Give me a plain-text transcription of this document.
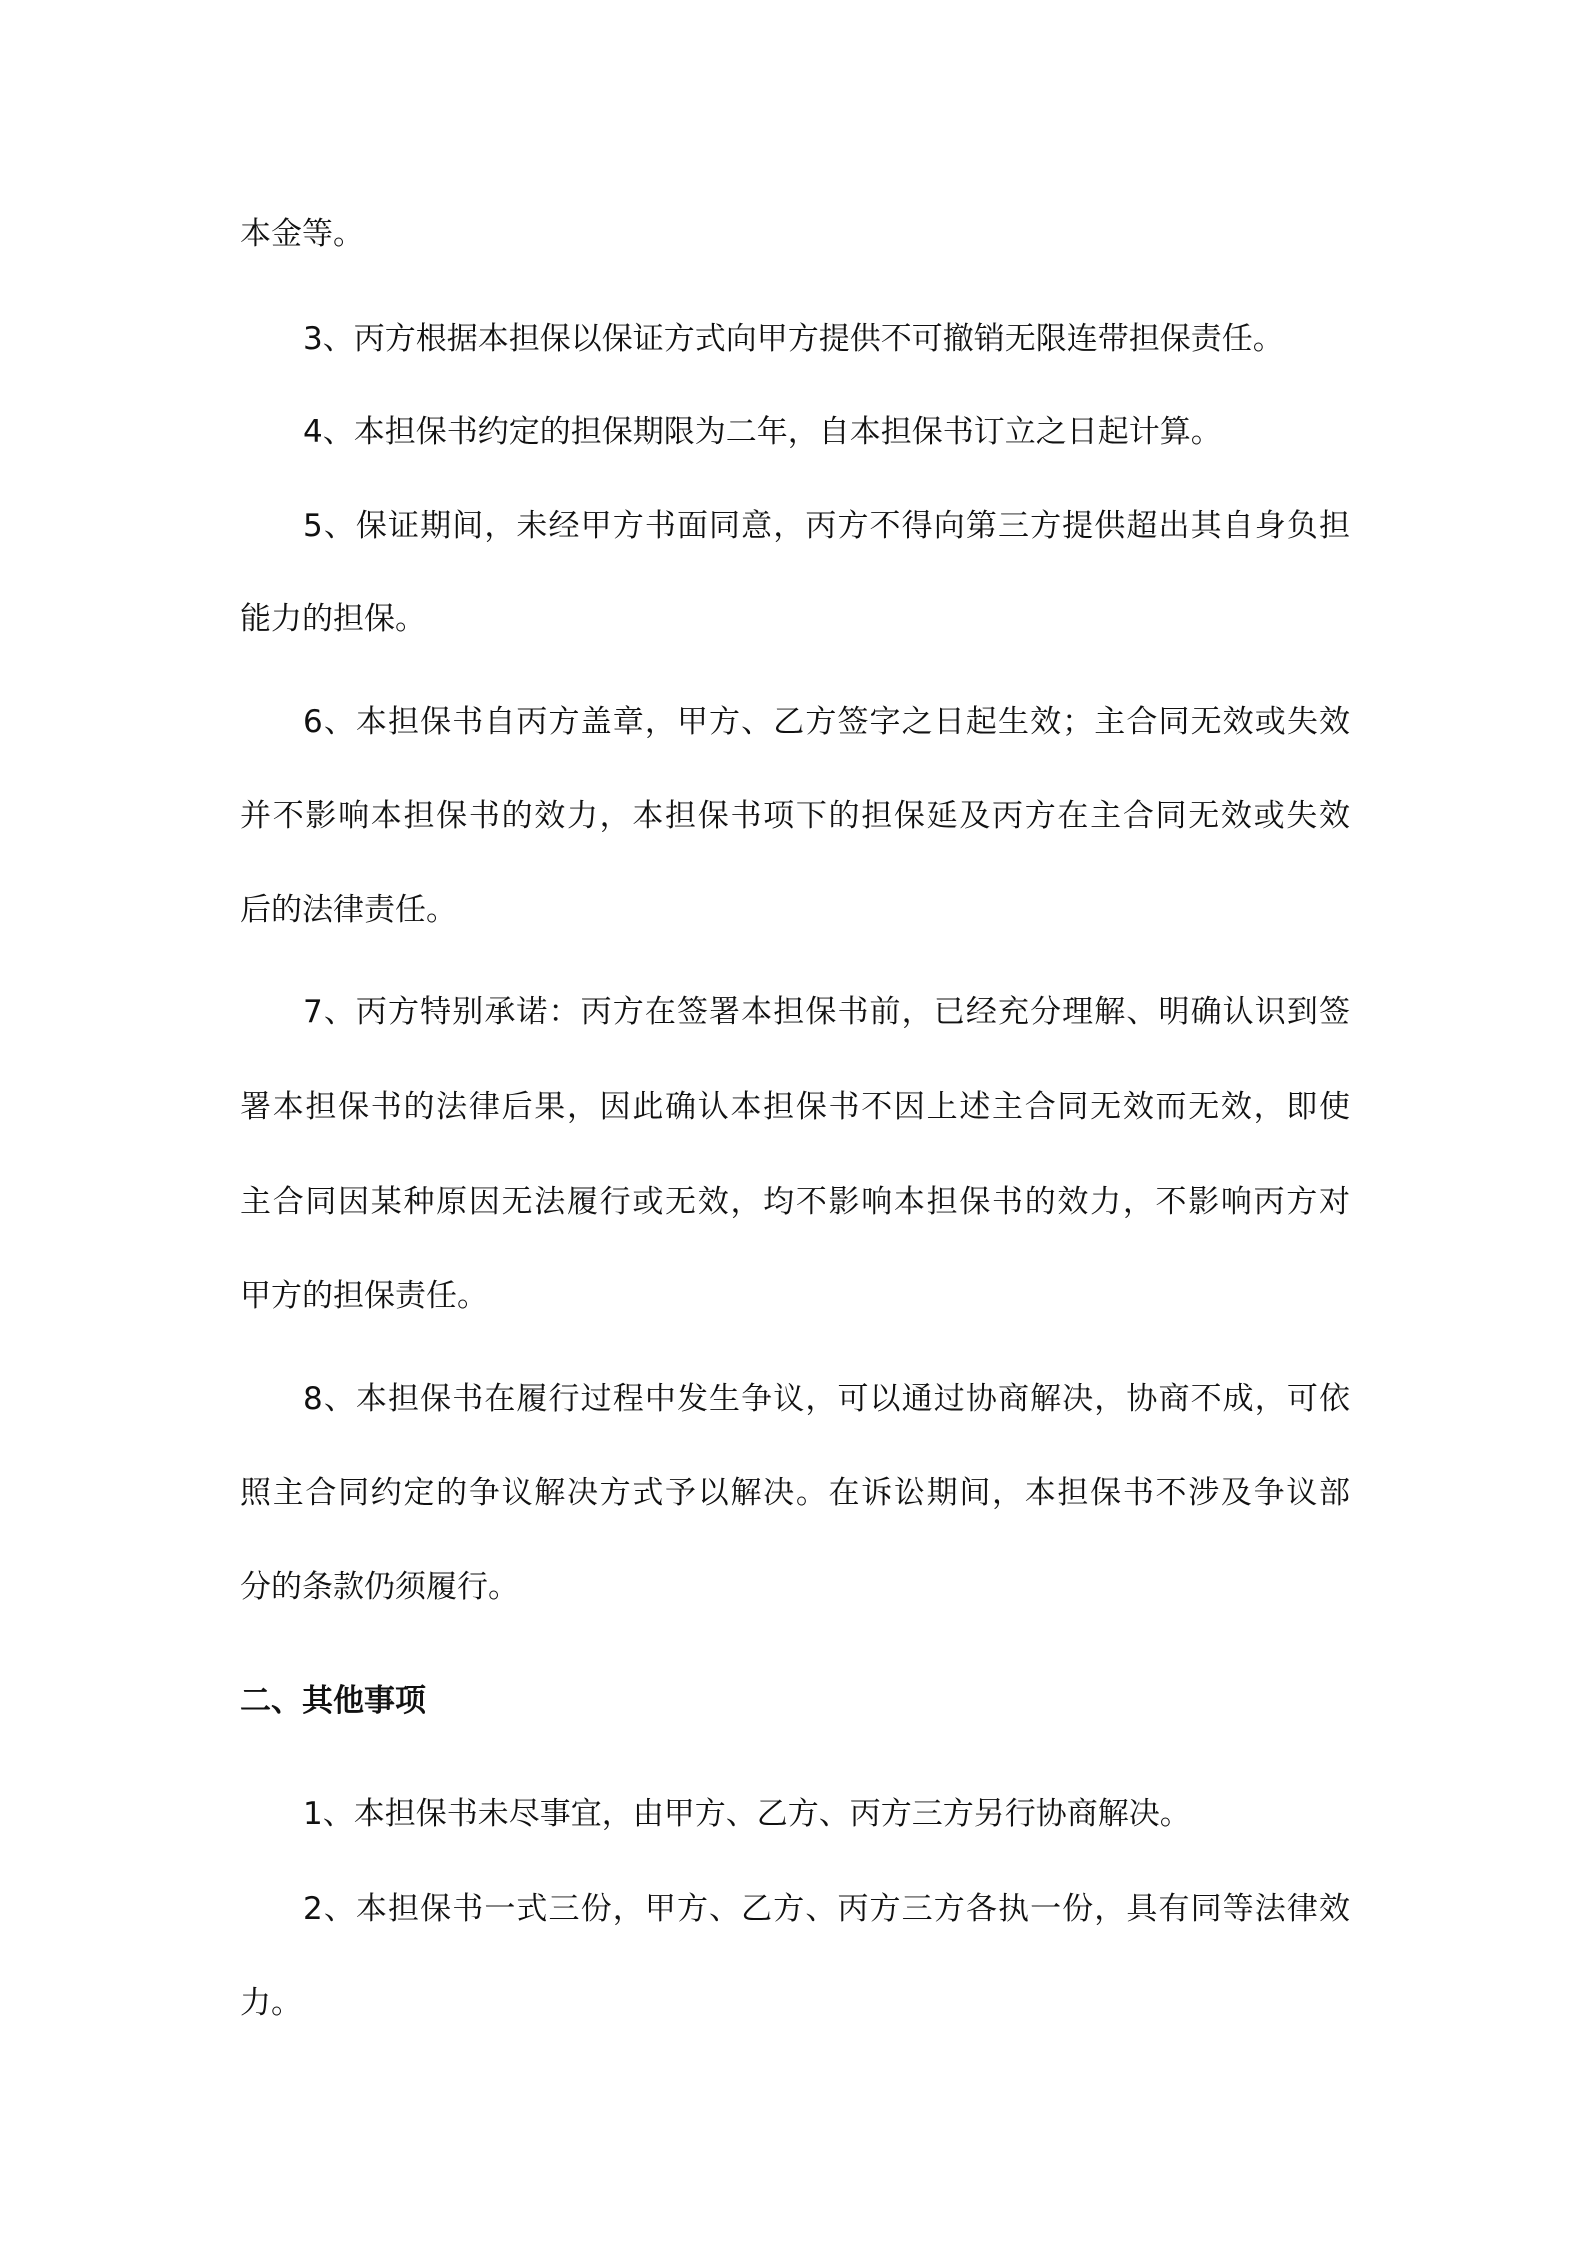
本金等。
3、丙方根据本担保以保证方式向甲方提供不可撤销无限连带担保责任。
4、本担保书约定的担保期限为二年，自本担保书订立之日起计算。
5、保证期间，未经甲方书面同意，丙方不得向第三方提供超出其自身负担
能力的担保。
6、本担保书自丙方盖章，甲方、乙方签字之日起生效；主合同无效或失效
并不影响本担保书的效力，本担保书项下的担保延及丙方在主合同无效或失效
后的法律责任。
7、丙方特别承诺：丙方在签署本担保书前，已经充分理解、明确认识到签
署本担保书的法律后果，因此确认本担保书不因上述主合同无效而无效，即使
主合同因某种原因无法履行或无效，均不影响本担保书的效力，不影响丙方对
甲方的担保责任。
8、本担保书在履行过程中发生争议，可以通过协商解决，协商不成，可依
照主合同约定的争议解决方式予以解决。在诉讼期间，本担保书不涉及争议部
分的条款仍须履行。
二、其他事项
1、本担保书未尽事宜，由甲方、乙方、丙方三方另行协商解决。
2、本担保书一式三份，甲方、乙方、丙方三方各执一份，具有同等法律效
力。
